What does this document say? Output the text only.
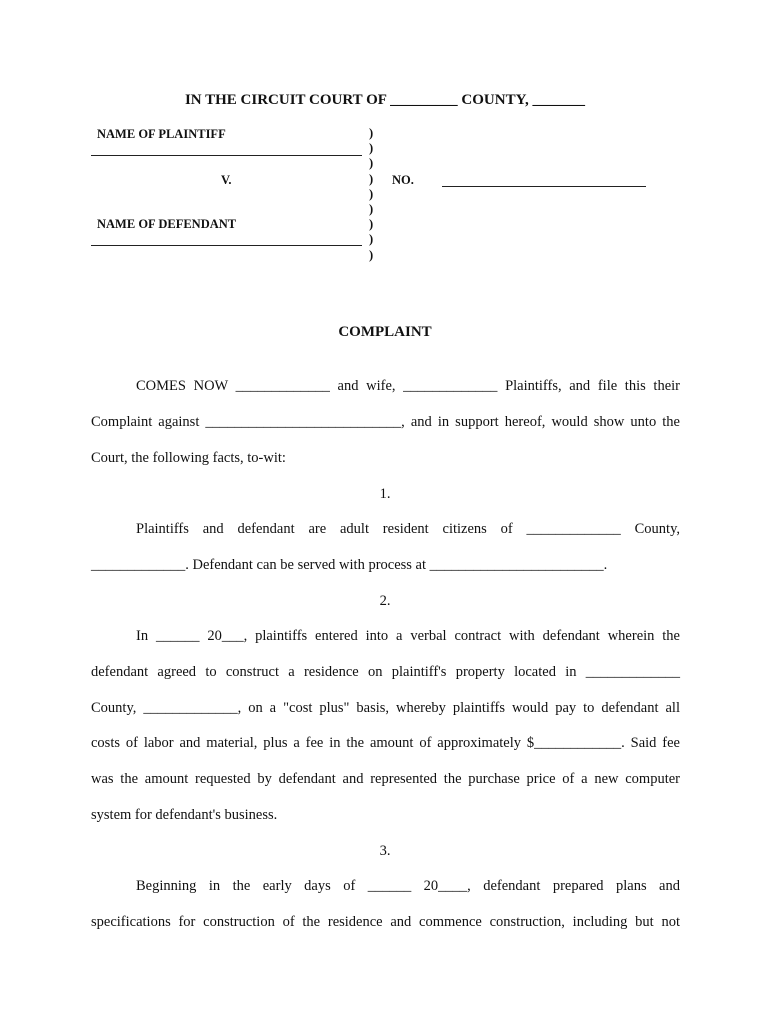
IN THE CIRCUIT COURT OF _________ COUNTY, _______
NAME OF PLAINTIFF
V.
NAME OF DEFENDANT
)
)
)
)
)
)
)
)
)
NO.
COMPLAINT
COMES NOW _____________ and wife, _____________ Plaintiffs, and file this their
Complaint against ___________________________, and in support hereof, would show unto the
Court, the following facts, to-wit:
1.
Plaintiffs and defendant are adult resident citizens of _____________ County,
_____________. Defendant can be served with process at ________________________.
2.
In ______ 20___, plaintiffs entered into a verbal contract with defendant wherein the
defendant agreed to construct a residence on plaintiff's property located in _____________
County, _____________, on a "cost plus" basis, whereby plaintiffs would pay to defendant all
costs of labor and material, plus a fee in the amount of approximately $____________. Said fee
was the amount requested by defendant and represented the purchase price of a new computer
system for defendant's business.
3.
Beginning in the early days of ______ 20____, defendant prepared plans and
specifications for construction of the residence and commence construction, including but not
